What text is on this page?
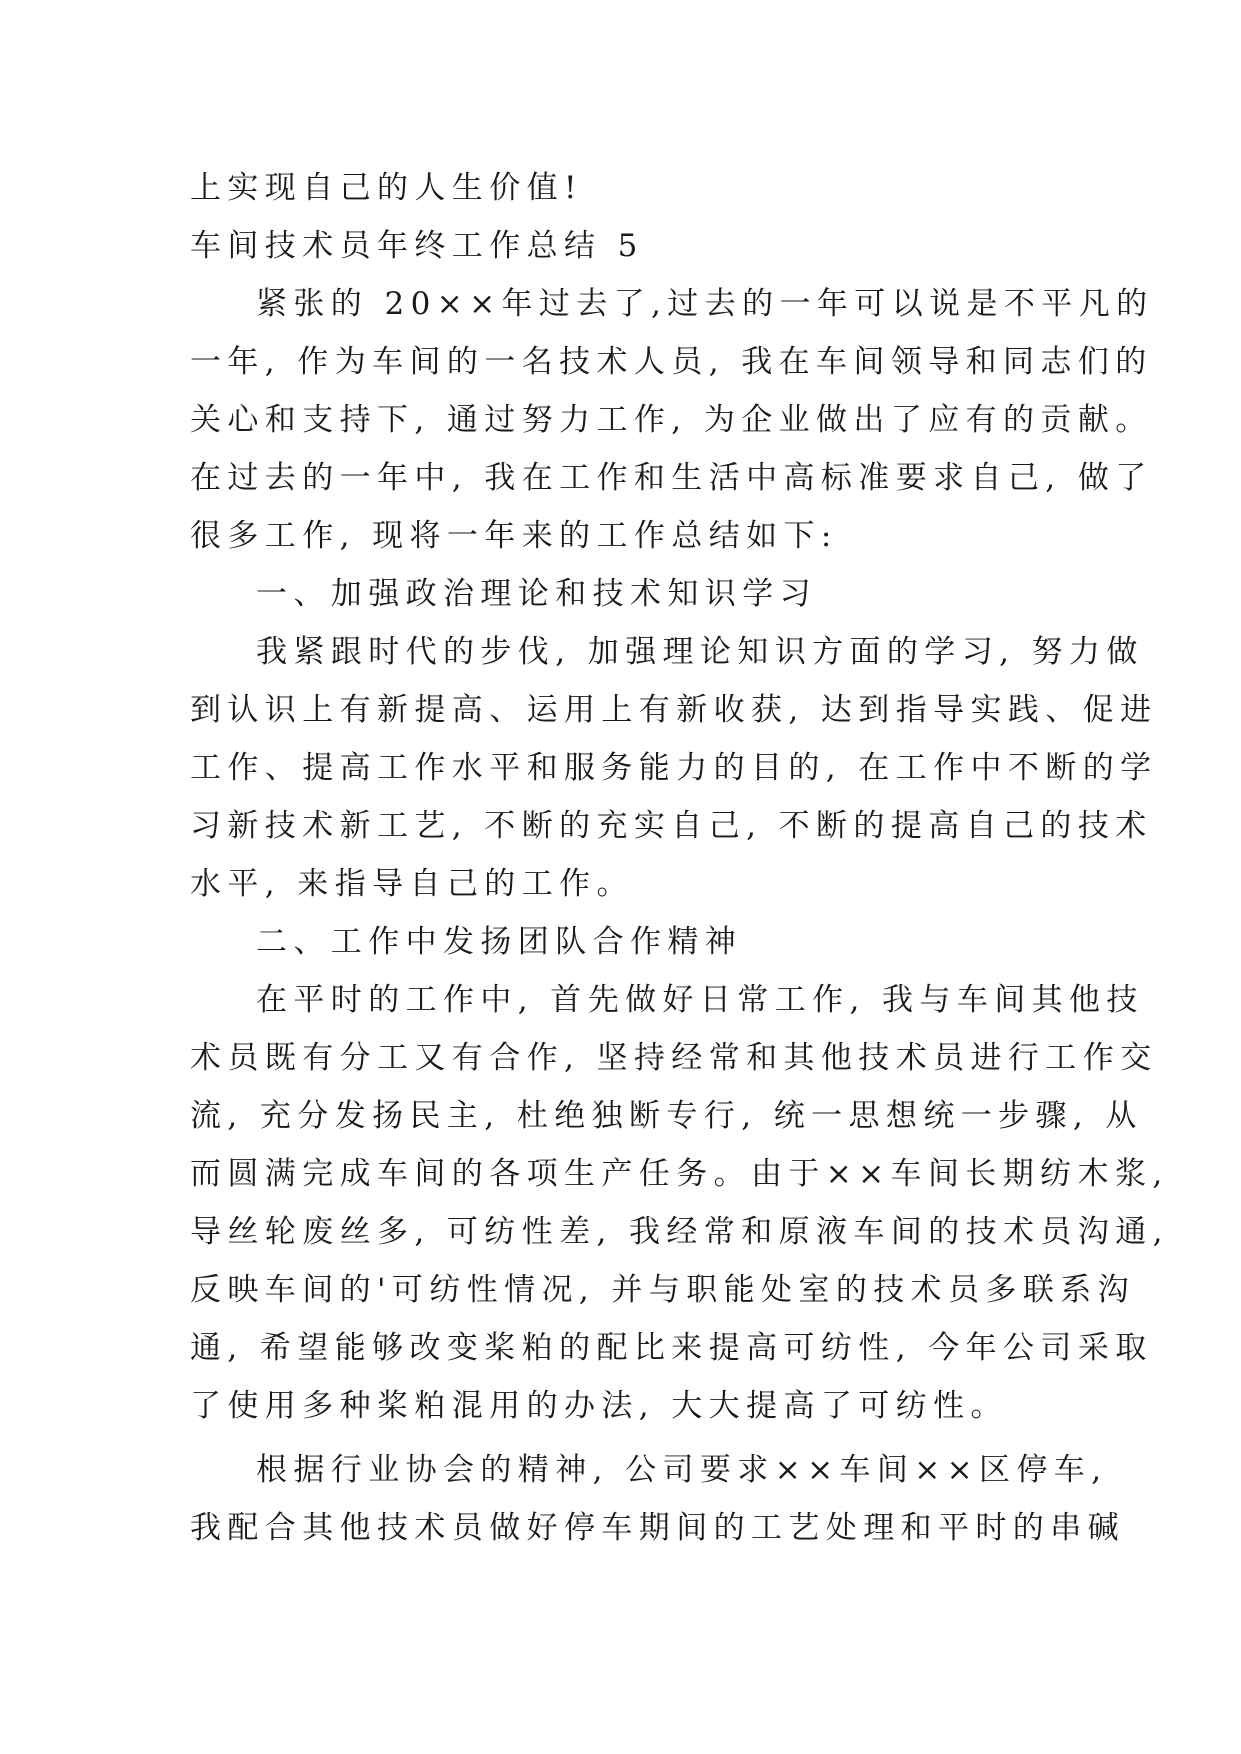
上实现自己的人生价值!
车间技术员年终工作总结 5
紧张的 20××年过去了,过去的一年可以说是不平凡的
一年, 作为车间的一名技术人员, 我在车间领导和同志们的
关心和支持下, 通过努力工作, 为企业做出了应有的贡献。
在过去的一年中, 我在工作和生活中高标准要求自己, 做了
很多工作, 现将一年来的工作总结如下:
一、加强政治理论和技术知识学习
我紧跟时代的步伐, 加强理论知识方面的学习, 努力做
到认识上有新提高、运用上有新收获, 达到指导实践、促进
工作、提高工作水平和服务能力的目的, 在工作中不断的学
习新技术新工艺, 不断的充实自己, 不断的提高自己的技术
水平, 来指导自己的工作。
二、工作中发扬团队合作精神
在平时的工作中, 首先做好日常工作, 我与车间其他技
术员既有分工又有合作, 坚持经常和其他技术员进行工作交
流, 充分发扬民主, 杜绝独断专行, 统一思想统一步骤, 从
而圆满完成车间的各项生产任务。由于××车间长期纺木浆,
导丝轮废丝多, 可纺性差, 我经常和原液车间的技术员沟通,
反映车间的'可纺性情况, 并与职能处室的技术员多联系沟
通, 希望能够改变桨粕的配比来提高可纺性, 今年公司采取
了使用多种桨粕混用的办法, 大大提高了可纺性。
根据行业协会的精神, 公司要求××车间××区停车,
我配合其他技术员做好停车期间的工艺处理和平时的串碱
